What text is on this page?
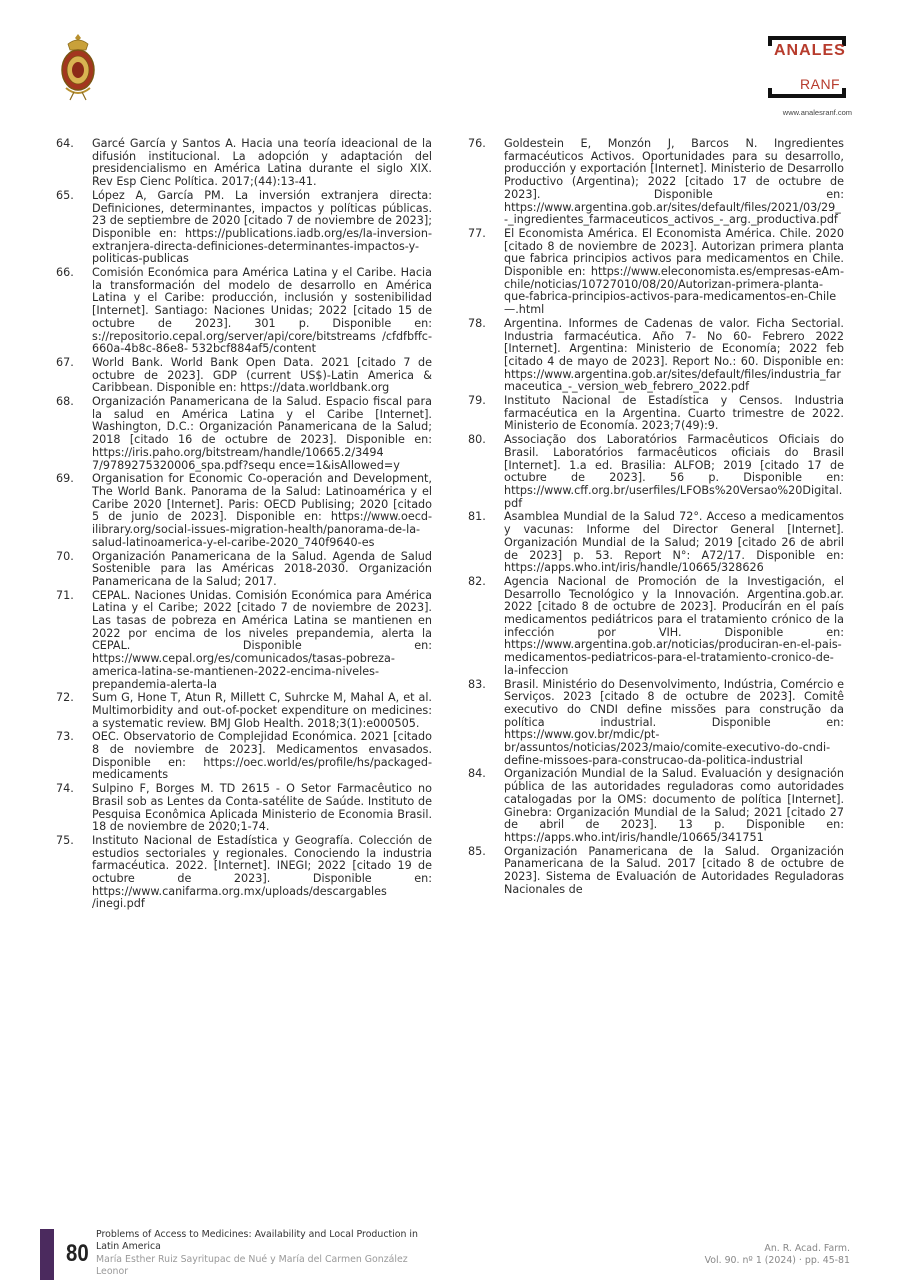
ANALES
RANF
www.analesranf.com
64.	Garcé García y Santos A. Hacia una teoría ideacional de la difusión institucional. La adopción y adaptación del presidencialismo en América Latina durante el siglo XIX. Rev Esp Cienc Política. 2017;(44):13-41.
65.	López A, García PM. La inversión extranjera directa: Definiciones, determinantes, impactos y políticas públicas. 23 de septiembre de 2020 [citado 7 de noviembre de 2023]; Disponible en: https://publications.iadb.org/es/la-inversion-extranjera-directa-definiciones-determinantes-impactos-y-politicas-publicas
66.	Comisión Económica para América Latina y el Caribe. Hacia la transformación del modelo de desarrollo en América Latina y el Caribe: producción, inclusión y sostenibilidad [Internet]. Santiago: Naciones Unidas; 2022 [citado 15 de octubre de 2023]. 301 p. Disponible en: s://repositorio.cepal.org/server/api/core/bitstreams /cfdfbffc-660a-4b8c-86e8- 532bcf884af5/content
67.	World Bank. World Bank Open Data. 2021 [citado 7 de octubre de 2023]. GDP (current US$)-Latin America & Caribbean. Disponible en: https://data.worldbank.org
68.	Organización Panamericana de la Salud. Espacio fiscal para la salud en América Latina y el Caribe [Internet]. Washington, D.C.: Organización Panamericana de la Salud; 2018 [citado 16 de octubre de 2023]. Disponible en: https://iris.paho.org/bitstream/handle/10665.2/3494 7/9789275320006_spa.pdf?sequ ence=1&isAllowed=y
69.	Organisation for Economic Co-operación and Development, The World Bank. Panorama de la Salud: Latinoamérica y el Caribe 2020 [Internet]. Paris: OECD Publising; 2020 [citado 5 de junio de 2023]. Disponible en: https://www.oecd- ilibrary.org/social-issues-migration-health/panorama-de-la-salud-latinoamerica-y-el-caribe-2020_740f9640-es
70.	Organización Panamericana de la Salud. Agenda de Salud Sostenible para las Américas 2018-2030. Organización Panamericana de la Salud; 2017.
71.	CEPAL. Naciones Unidas. Comisión Económica para América Latina y el Caribe; 2022 [citado 7 de noviembre de 2023]. Las tasas de pobreza en América Latina se mantienen en 2022 por encima de los niveles prepandemia, alerta la CEPAL. Disponible en: https://www.cepal.org/es/comunicados/tasas-pobreza-america-latina-se-mantienen-2022-encima-niveles-prepandemia-alerta-la
72.	Sum G, Hone T, Atun R, Millett C, Suhrcke M, Mahal A, et al. Multimorbidity and out-of-pocket expenditure on medicines: a systematic review. BMJ Glob Health. 2018;3(1):e000505.
73.	OEC. Observatorio de Complejidad Económica. 2021 [citado 8 de noviembre de 2023]. Medicamentos envasados. Disponible en: https://oec.world/es/profile/hs/packaged-medicaments
74.	Sulpino F, Borges M. TD 2615 - O Setor Farmacêutico no Brasil sob as Lentes da Conta-satélite de Saúde. Instituto de Pesquisa Econômica Aplicada Ministerio de Economia Brasil. 18 de noviembre de 2020;1-74.
75.	Instituto Nacional de Estadística y Geografía. Colección de estudios sectoriales y regionales. Conociendo la industria farmacéutica. 2022. [Internet]. INEGI; 2022 [citado 19 de octubre de 2023]. Disponible en: https://www.canifarma.org.mx/uploads/descargables /inegi.pdf
76.	Goldestein E, Monzón J, Barcos N. Ingredientes farmacéuticos Activos. Oportunidades para su desarrollo, producción y exportación [Internet]. Ministerio de Desarrollo Productivo (Argentina); 2022 [citado 17 de octubre de 2023]. Disponible en: https://www.argentina.gob.ar/sites/default/files/2021/03/29_-_ingredientes_farmaceuticos_activos_-_arg._productiva.pdf
77.	El Economista América. El Economista América. Chile. 2020 [citado 8 de noviembre de 2023]. Autorizan primera planta que fabrica principios activos para medicamentos en Chile. Disponible en: https://www.eleconomista.es/empresas-eAm-chile/noticias/10727010/08/20/Autorizan-primera-planta-que-fabrica-principios-activos-para-medicamentos-en-Chile—.html
78.	Argentina. Informes de Cadenas de valor. Ficha Sectorial. Industria farmacéutica. Año 7- No 60- Febrero 2022 [Internet]. Argentina: Ministerio de Economía; 2022 feb [citado 4 de mayo de 2023]. Report No.: 60. Disponible en: https://www.argentina.gob.ar/sites/default/files/industria_farmaceutica_-_version_web_febrero_2022.pdf
79.	Instituto Nacional de Estadística y Censos. Industria farmacéutica en la Argentina. Cuarto trimestre de 2022. Ministerio de Economía. 2023;7(49):9.
80.	Associação dos Laboratórios Farmacêuticos Oficiais do Brasil. Laboratórios farmacêuticos oficiais do Brasil [Internet]. 1.a ed. Brasilia: ALFOB; 2019 [citado 17 de octubre de 2023]. 56 p. Disponible en: https://www.cff.org.br/userfiles/LFOBs%20Versao%20Digital.pdf
81.	Asamblea Mundial de la Salud 72°. Acceso a medicamentos y vacunas: Informe del Director General [Internet]. Organización Mundial de la Salud; 2019 [citado 26 de abril de 2023] p. 53. Report N°: A72/17. Disponible en: https://apps.who.int/iris/handle/10665/328626
82.	Agencia Nacional de Promoción de la Investigación, el Desarrollo Tecnológico y la Innovación. Argentina.gob.ar. 2022 [citado 8 de octubre de 2023]. Producirán en el país medicamentos pediátricos para el tratamiento crónico de la infección por VIH. Disponible en: https://www.argentina.gob.ar/noticias/produciran-en-el-pais-medicamentos-pediatricos-para-el-tratamiento-cronico-de-la-infeccion
83.	Brasil. Ministério do Desenvolvimento, Indústria, Comércio e Serviços. 2023 [citado 8 de octubre de 2023]. Comitê executivo do CNDI define missões para construção da política industrial. Disponible en: https://www.gov.br/mdic/pt-br/assuntos/noticias/2023/maio/comite-executivo-do-cndi-define-missoes-para-construcao-da-politica-industrial
84.	Organización Mundial de la Salud. Evaluación y designación pública de las autoridades reguladoras como autoridades catalogadas por la OMS: documento de política [Internet]. Ginebra: Organización Mundial de la Salud; 2021 [citado 27 de abril de 2023]. 13 p. Disponible en: https://apps.who.int/iris/handle/10665/341751
85.	Organización Panamericana de la Salud. Organización Panamericana de la Salud. 2017 [citado 8 de octubre de 2023]. Sistema de Evaluación de Autoridades Reguladoras Nacionales de
80
Problems of Access to Medicines: Availability and Local Production in Latin America
María Esther Ruiz Sayritupac de Nué y María del Carmen González Leonor
An. R. Acad. Farm.
Vol. 90. nº 1 (2024) · pp. 45-81
